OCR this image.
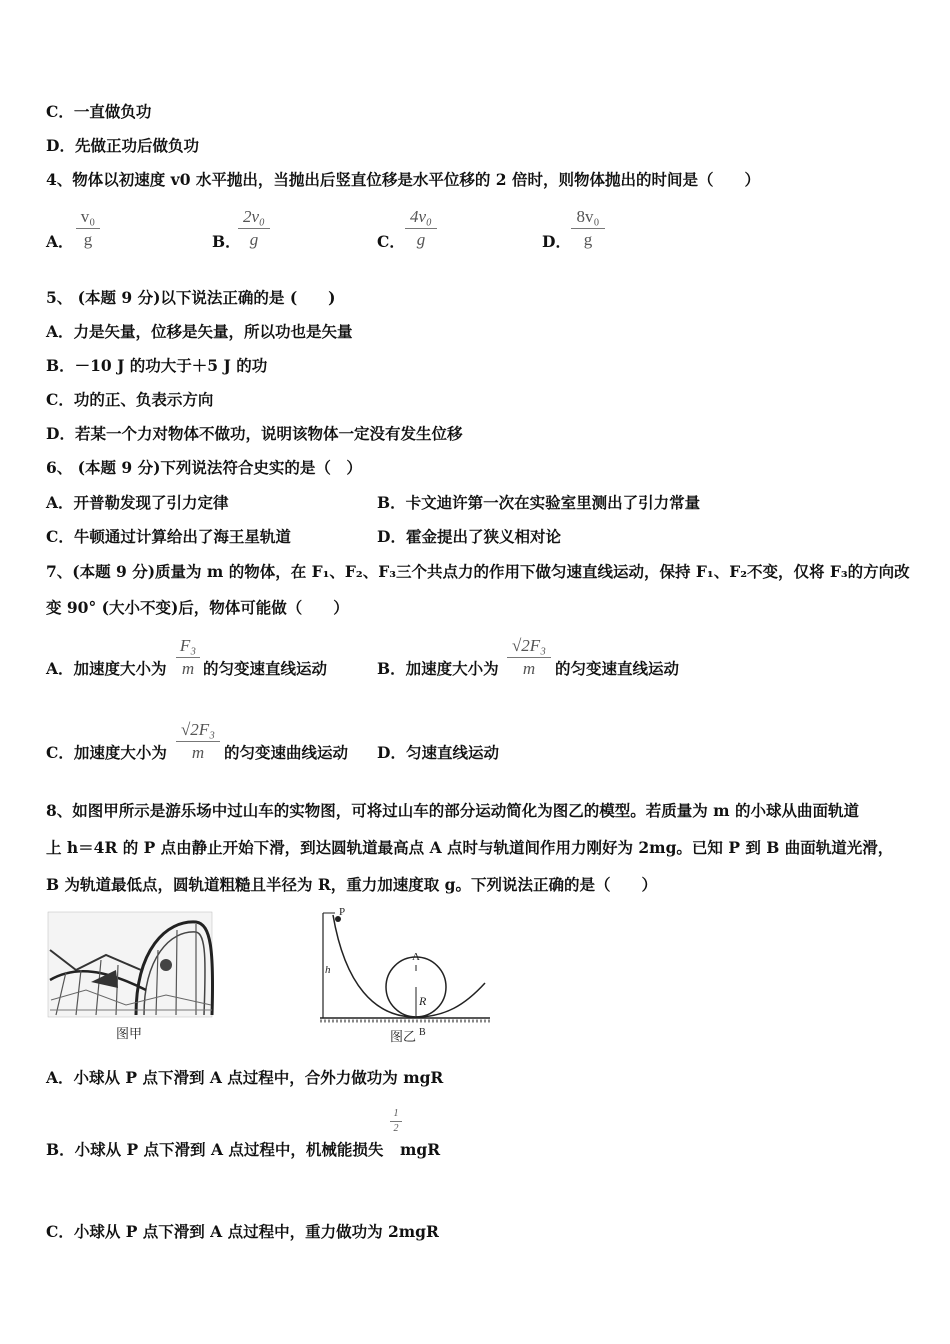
C．一直做负功
D．先做正功后做负功
4、物体以初速度 v0 水平抛出，当抛出后竖直位移是水平位移的 2 倍时，则物体抛出的时间是（　　）
A．
v₀
g	B．
2v₀
g	C．
4v₀
g	D．
8v₀
g
5、 (本题 9 分)以下说法正确的是 (　　)
A．力是矢量，位移是矢量，所以功也是矢量
B．－10 J 的功大于＋5 J 的功
C．功的正、负表示方向
D．若某一个力对物体不做功，说明该物体一定没有发生位移
6、 (本题 9 分)下列说法符合史实的是（　）
A．开普勒发现了引力定律	B．卡文迪许第一次在实验室里测出了引力常量
C．牛顿通过计算给出了海王星轨道	D．霍金提出了狭义相对论
7、(本题 9 分)质量为 m 的物体，在 F₁、F₂、F₃三个共点力的作用下做匀速直线运动，保持 F₁、F₂不变，仅将 F₃的方向改
变 90° (大小不变)后，物体可能做（　　）
A．加速度大小为
F₃
m 的匀变速直线运动	B．加速度大小为
√2F₃
m	的匀变速直线运动
C．加速度大小为
√2F₃
m	的匀变速曲线运动 D．匀速直线运动
8、如图甲所示是游乐场中过山车的实物图，可将过山车的部分运动简化为图乙的模型。若质量为 m 的小球从曲面轨道
上 h＝4R 的 P 点由静止开始下滑，到达圆轨道最高点 A 点时与轨道间作用力刚好为 2mg。已知 P 到 B 曲面轨道光滑，
B 为轨道最低点，圆轨道粗糙且半径为 R，重力加速度取 g。下列说法正确的是（　　）
图甲
P
h
A
R
B
图乙
A．小球从 P 点下滑到 A 点过程中，合外力做功为 mgR
B．小球从 P 点下滑到 A 点过程中，机械能损失
1
2
mgR
C．小球从 P 点下滑到 A 点过程中，重力做功为 2mgR
